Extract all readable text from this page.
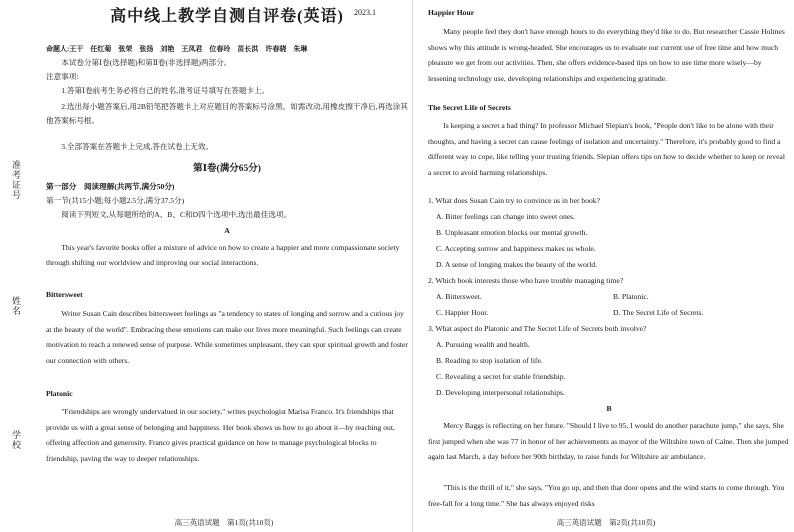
准考证号
姓名
学校
高中线上教学自测自评卷(英语)	2023.1

命题人:王干　任红菊　张荣　张扬　刘艳　王凤君　位春玲　苗长洪　许春晓　朱琳

本试卷分第Ⅰ卷(选择题)和第Ⅱ卷(非选择题)两部分。

注意事项:

1.答第Ⅰ卷前考生务必将自己的姓名,准考证号填写在答题卡上。

2.选出每小题答案后,用2B铅笔把答题卡上对应题目的答案标号涂黑。如需改动,用橡皮擦干净后,再选涂其他答案标号框。

3.全部答案在答题卡上完成,答在试卷上无效。

第Ⅰ卷(满分65分)

第一部分　阅读理解(共两节,满分50分)

第一节(共15小题;每小题2.5分,满分37.5分)

阅读下列短文,从每题所给的A、B、C和D四个选项中,选出最佳选项。

A

This year's favorite books offer a mixture of advice on how to create a happier and more compassionate society through shifting our worldview and improving our social interactions.

Bittersweet

Writer Susan Cain describes bittersweet feelings as "a tendency to states of longing and sorrow and a curious joy at the beauty of the world". Embracing these emotions can make our lives more meaningful. Such feelings can create motivation to reach a renewed sense of purpose. While sometimes unpleasant, they can spur spiritual growth and foster our connection with others.

Platonic

"Friendships are wrongly undervalued in our society," writes psychologist Marisa Franco. It's friendships that provide us with a great sense of belonging and happiness. Her book shows us how to go about it—by reaching out, offering affection and generosity. Franco gives practical guidance on how to manage psychological blocks to friendship, paving the way to deeper relationships.

高三英语试题　第1页(共10页)

Happier Hour

Many people feel they don't have enough hours to do everything they'd like to do. But researcher Cassie Holmes shows why this attitude is wrong-headed. She encourages us to evaluate our current use of free time and how much pleasure we get from our activities. Then, she offers evidence-based tips on how to use time more wisely—by lessening technology use, developing relationships and experiencing gratitude.

The Secret Life of Secrets

Is keeping a secret a bad thing? In professor Michael Slepian's book, "People don't like to be alone with their thoughts, and having a secret can cause feelings of isolation and uncertainty." Therefore, it's probably good to find a different way to cope, like telling your trusting friends. Slepian offers tips on how to decide whether to keep or reveal a secret to avoid harming relationships.

1. What does Susan Cain try to convince us in her book?

A. Bitter feelings can change into sweet ones.

B. Unpleasant emotion blocks our mental growth.

C. Accepting sorrow and happiness makes us whole.

D. A sense of longing makes the beauty of the world.

2. Which book interests those who have trouble managing time?

A. Bittersweet.	B. Platonic.
C. Happier Hour.	D. The Secret Life of Secrets.

3. What aspect do Platonic and The Secret Life of Secrets both involve?

A. Pursuing wealth and health.

B. Reading to stop isolation of life.

C. Revealing a secret for stable friendship.

D. Developing interpersonal relationships.

B

Mercy Baggs is reflecting on her future. "Should I live to 95, I would do another parachute jump," she says. She first jumped when she was 77 in honor of her achievements as mayor of the Wiltshire town of Calne. Then she jumped again last March, a day before her 90th birthday, to raise funds for Wiltshire air ambulance.

"This is the thrill of it," she says, "You go up, and then that door opens and the wind starts to come through. You free-fall for a long time." She has always enjoyed risks

高三英语试题　第2页(共10页)
